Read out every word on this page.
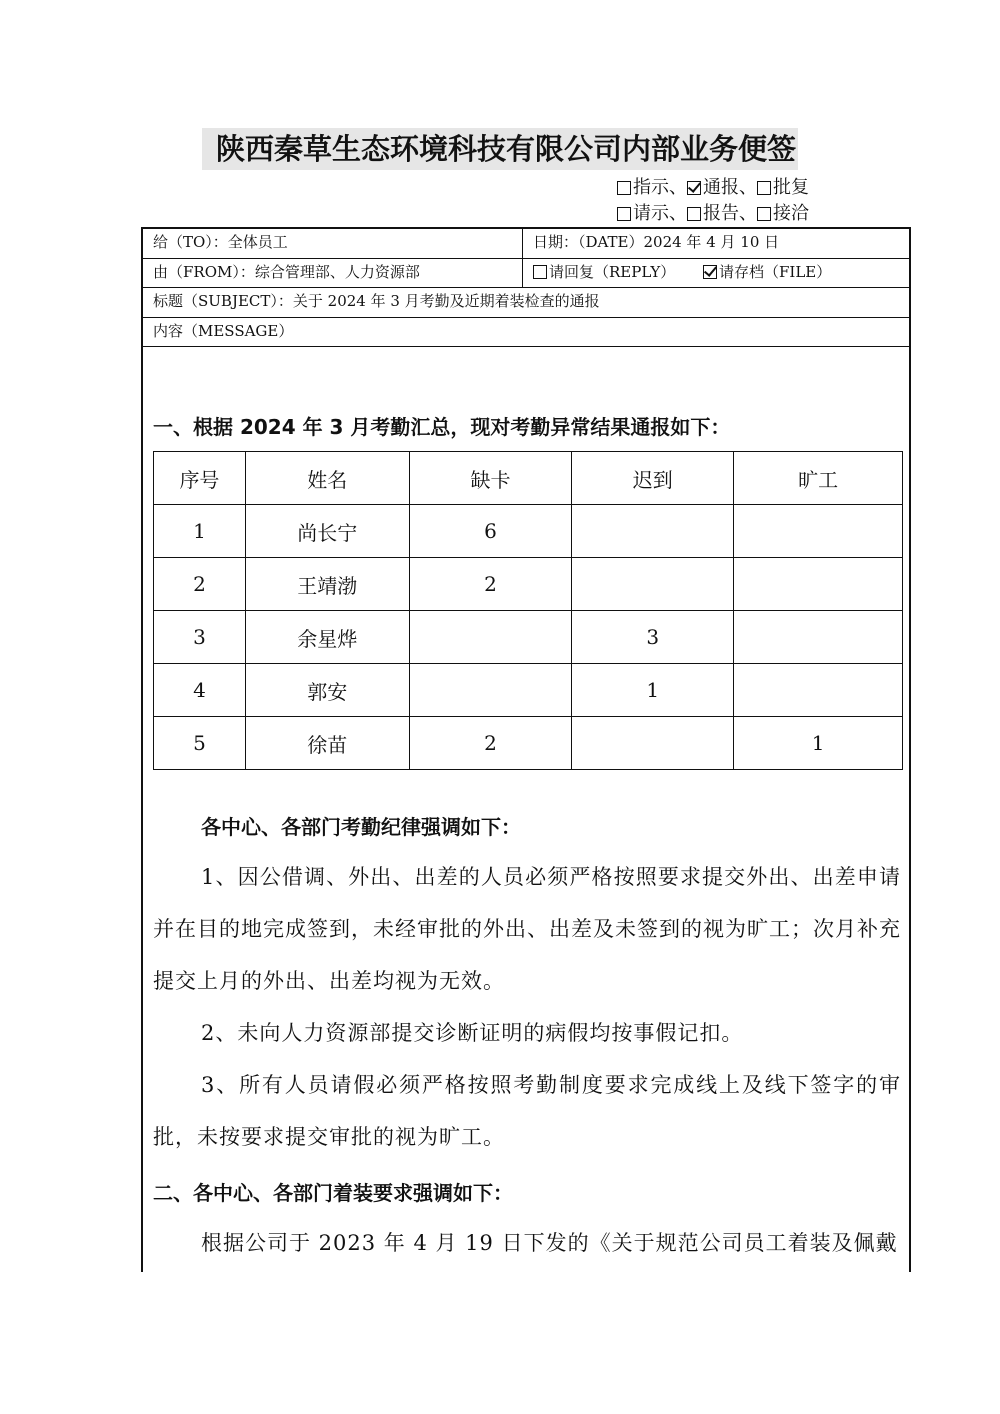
陕西秦草生态环境科技有限公司内部业务便签
指示、 通报、 批复
请示、 报告、 接洽
给（TO）：全体员工	日期：（DATE）2024 年 4 月 10 日
由（FROM）：综合管理部、人力资源部	请回复（REPLY）	请存档（FILE）
标题（SUBJECT）：关于 2024 年 3 月考勤及近期着装检查的通报
内容（MESSAGE）
一、根据 2024 年 3 月考勤汇总，现对考勤异常结果通报如下：
序号	姓名	缺卡	迟到	旷工
1	尚长宁	6		
2	王靖渤	2		
3	余星烨		3	
4	郭安		1	
5	徐苗	2		1
各中心、各部门考勤纪律强调如下：
1、因公借调、外出、出差的人员必须严格按照要求提交外出、出差申请并在目的地完成签到，未经审批的外出、出差及未签到的视为旷工；次月补充提交上月的外出、出差均视为无效。
2、未向人力资源部提交诊断证明的病假均按事假记扣。
3、所有人员请假必须严格按照考勤制度要求完成线上及线下签字的审批，未按要求提交审批的视为旷工。
二、各中心、各部门着装要求强调如下：
根据公司于 2023 年 4 月 19 日下发的《关于规范公司员工着装及佩戴
